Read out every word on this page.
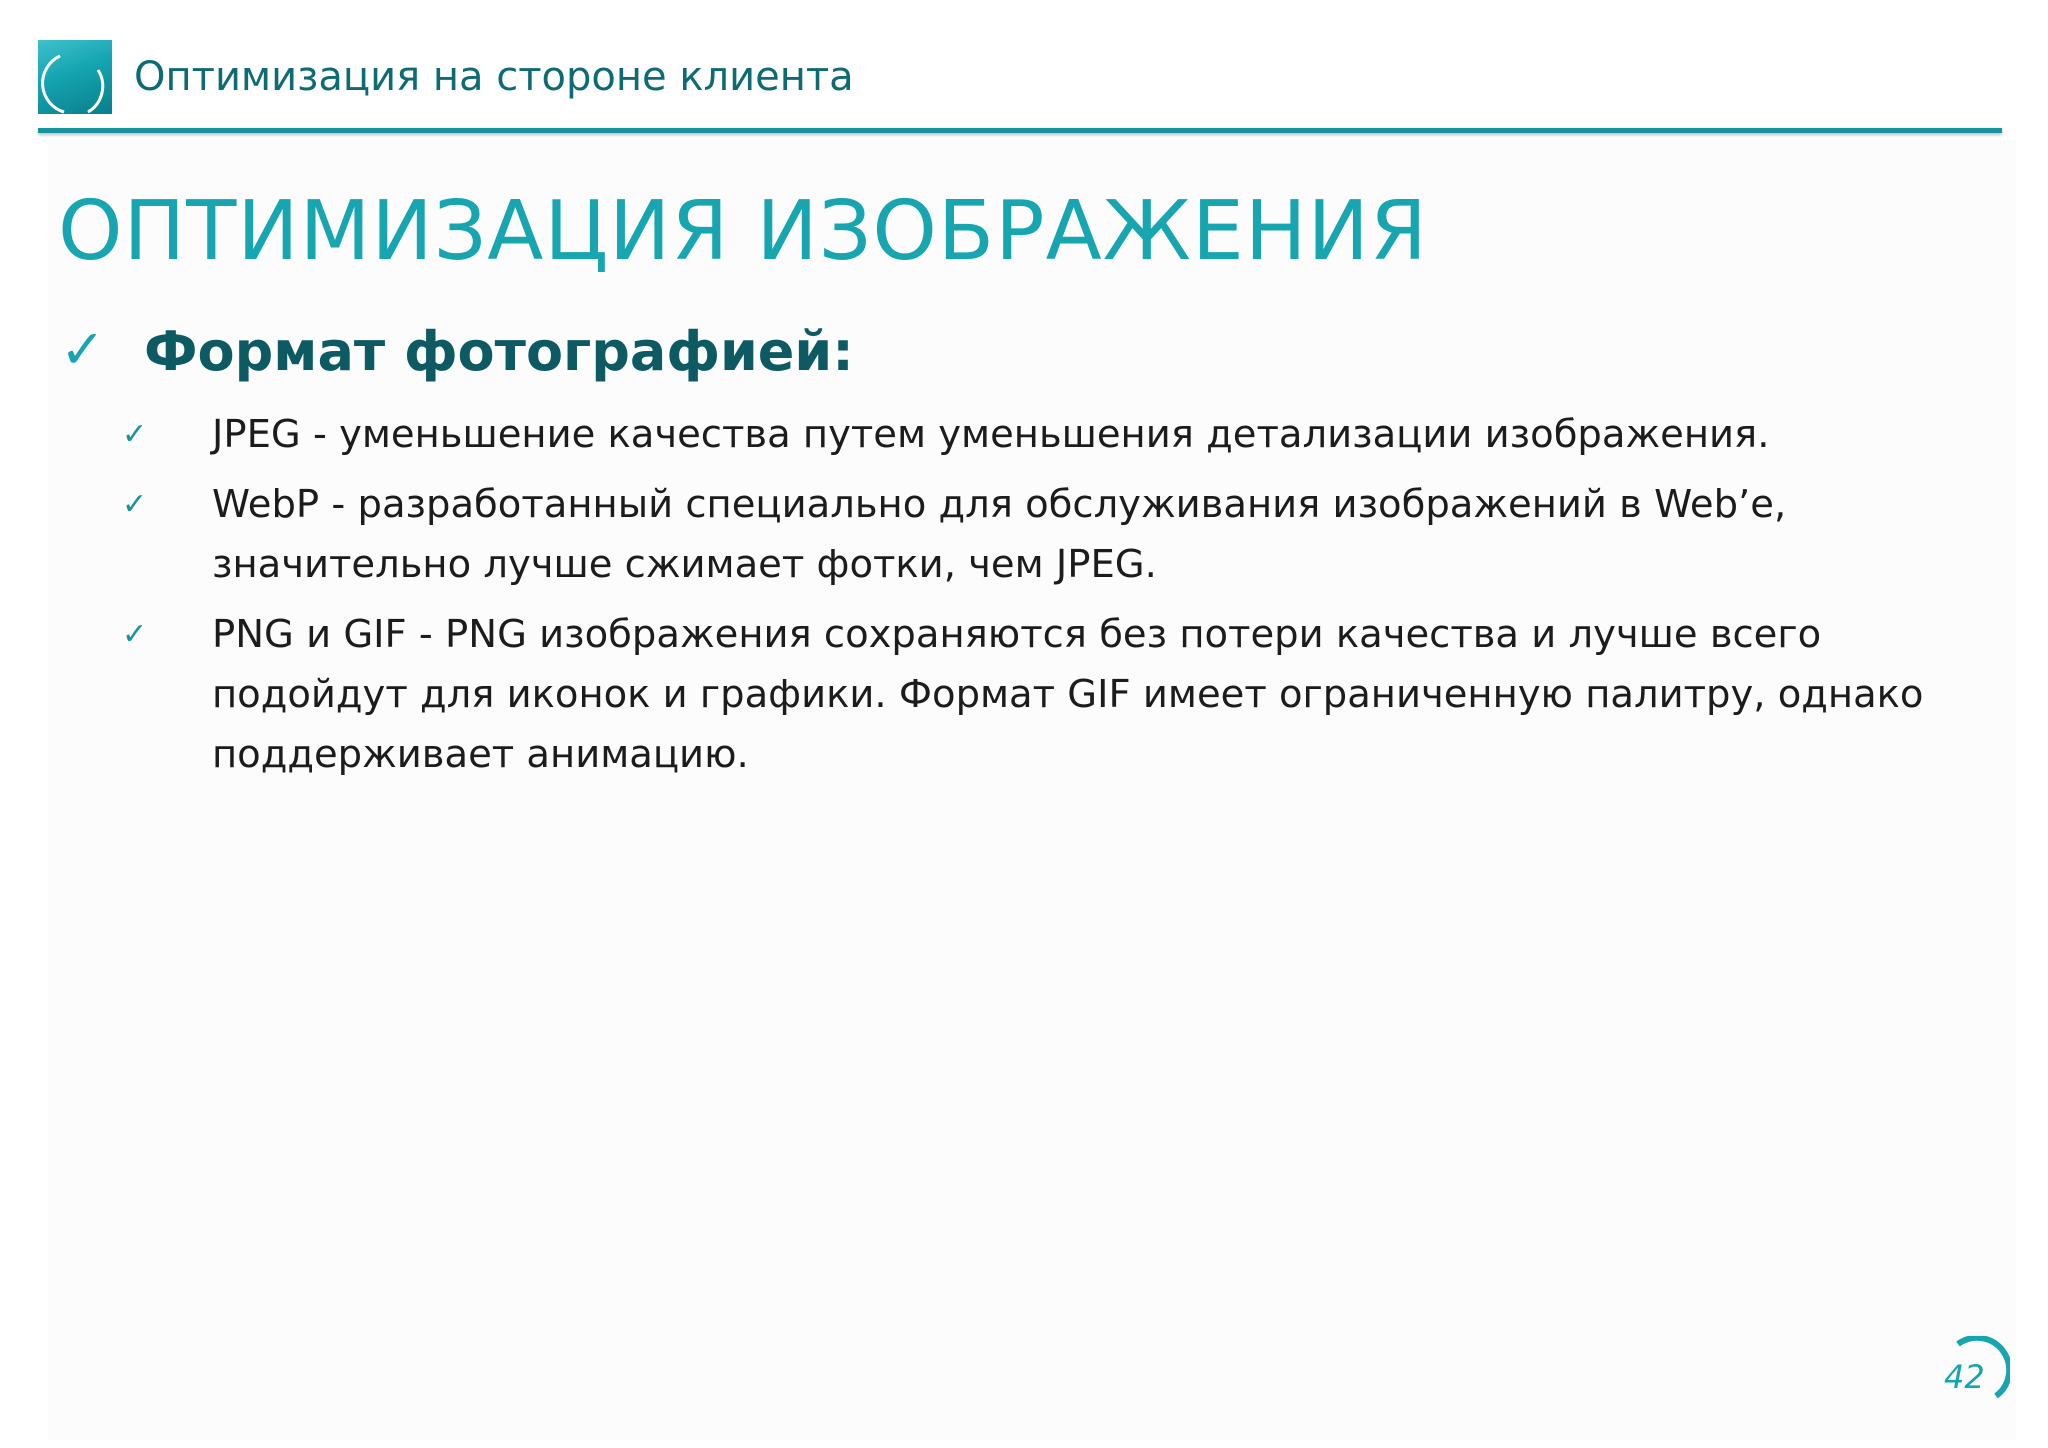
Оптимизация на стороне клиента
ОПТИМИЗАЦИЯ ИЗОБРАЖЕНИЯ
✓ Формат фотографией:
✓ JPEG - уменьшение качества путем уменьшения детализации изображения.
✓ WebP - разработанный специально для обслуживания изображений в Web’e, значительно лучше сжимает фотки, чем JPEG.
✓ PNG и GIF - PNG изображения сохраняются без потери качества и лучше всего подойдут для иконок и графики. Формат GIF имеет ограниченную палитру, однако поддерживает анимацию.
42
